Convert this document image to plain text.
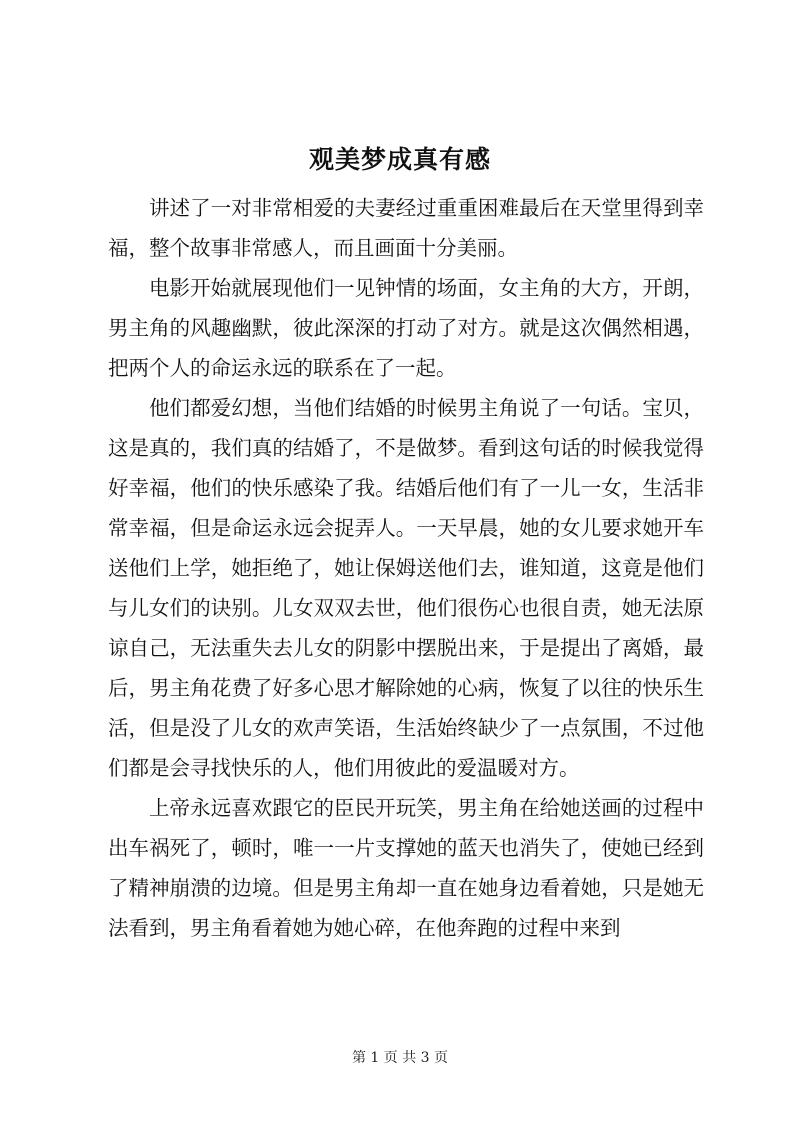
观美梦成真有感

讲述了一对非常相爱的夫妻经过重重困难最后在天堂里得到幸福，整个故事非常感人，而且画面十分美丽。

电影开始就展现他们一见钟情的场面，女主角的大方，开朗，男主角的风趣幽默，彼此深深的打动了对方。就是这次偶然相遇，把两个人的命运永远的联系在了一起。

他们都爱幻想，当他们结婚的时候男主角说了一句话。宝贝，这是真的，我们真的结婚了，不是做梦。看到这句话的时候我觉得好幸福，他们的快乐感染了我。结婚后他们有了一儿一女，生活非常幸福，但是命运永远会捉弄人。一天早晨，她的女儿要求她开车送他们上学，她拒绝了，她让保姆送他们去，谁知道，这竟是他们与儿女们的诀别。儿女双双去世，他们很伤心也很自责，她无法原谅自己，无法重失去儿女的阴影中摆脱出来，于是提出了离婚，最后，男主角花费了好多心思才解除她的心病，恢复了以往的快乐生活，但是没了儿女的欢声笑语，生活始终缺少了一点氛围，不过他们都是会寻找快乐的人，他们用彼此的爱温暖对方。

上帝永远喜欢跟它的臣民开玩笑，男主角在给她送画的过程中出车祸死了，顿时，唯一一片支撑她的蓝天也消失了，使她已经到了精神崩溃的边境。但是男主角却一直在她身边看着她，只是她无法看到，男主角看着她为她心碎，在他奔跑的过程中来到

第 1 页 共 3 页
